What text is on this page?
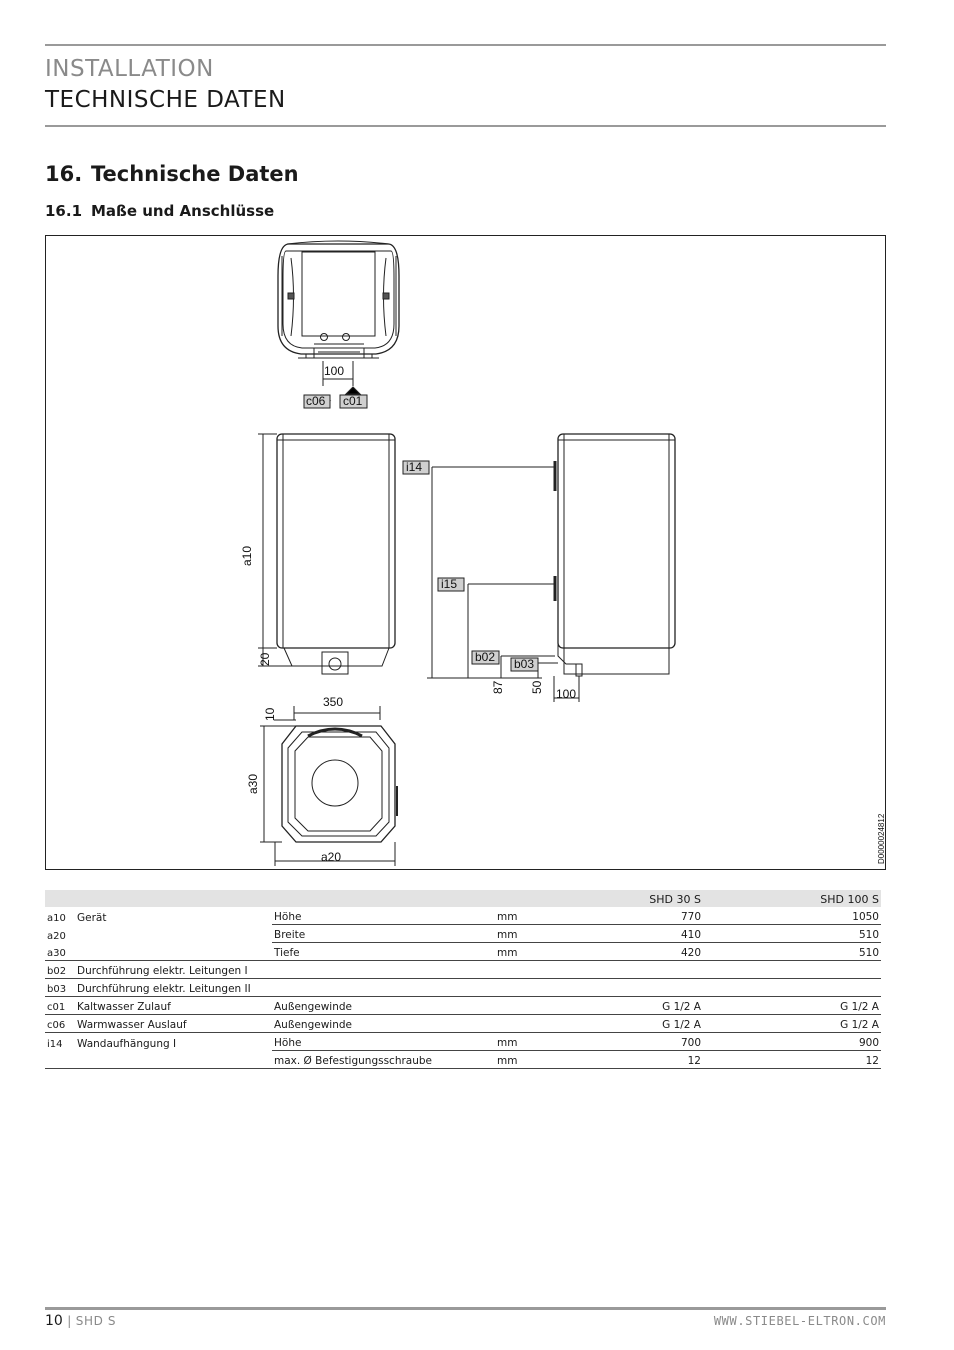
INSTALLATION
TECHNISCHE DATEN
16. Technische Daten
16.1 Maße und Anschlüsse
c06 c01
100
a10
20
i14
i15
b02 b03
87 50 100
350
10
a30
a20	D0000024812
				SHD 30 S	SHD 100 S
a10	Gerät	Höhe	mm	770	1050
a20		Breite	mm	410	510
a30		Tiefe	mm	420	510
b02	Durchführung elektr. Leitungen I				
b03	Durchführung elektr. Leitungen II				
c01	Kaltwasser Zulauf	Außengewinde		G 1/2 A	G 1/2 A
c06	Warmwasser Auslauf	Außengewinde		G 1/2 A	G 1/2 A
i14	Wandaufhängung I	Höhe	mm	700	900
		max. Ø Befestigungsschraube	mm	12	12
10 | SHD S	WWW.STIEBEL-ELTRON.COM
